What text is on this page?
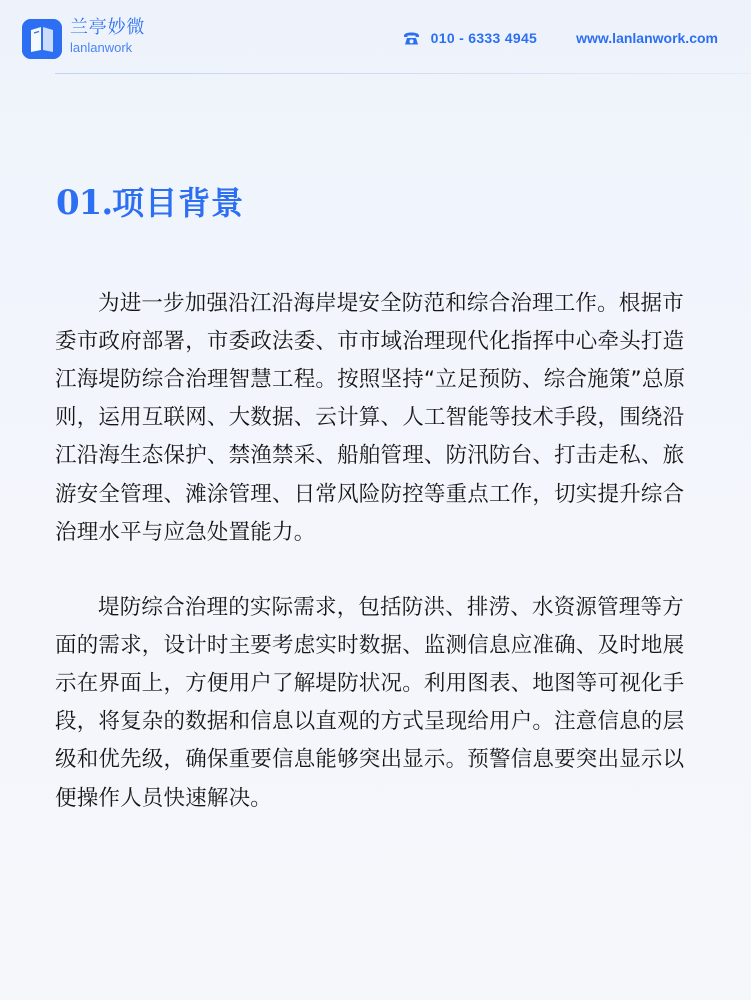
兰亭妙微
lanlanwork
010 - 6333 4945	www.lanlanwork.com
01. 项目背景

为进一步加强沿江沿海岸堤安全防范和综合治理工作。根据市委市政府部署，市委政法委、市市域治理现代化指挥中心牵头打造江海堤防综合治理智慧工程。按照坚持“立足预防、综合施策”总原则，运用互联网、大数据、云计算、人工智能等技术手段，围绕沿江沿海生态保护、禁渔禁采、船舶管理、防汛防台、打击走私、旅游安全管理、滩涂管理、日常风险防控等重点工作，切实提升综合治理水平与应急处置能力。

堤防综合治理的实际需求，包括防洪、排涝、水资源管理等方面的需求，设计时主要考虑实时数据、监测信息应准确、及时地展示在界面上，方便用户了解堤防状况。利用图表、地图等可视化手段，将复杂的数据和信息以直观的方式呈现给用户。注意信息的层级和优先级，确保重要信息能够突出显示。预警信息要突出显示以便操作人员快速解决。
